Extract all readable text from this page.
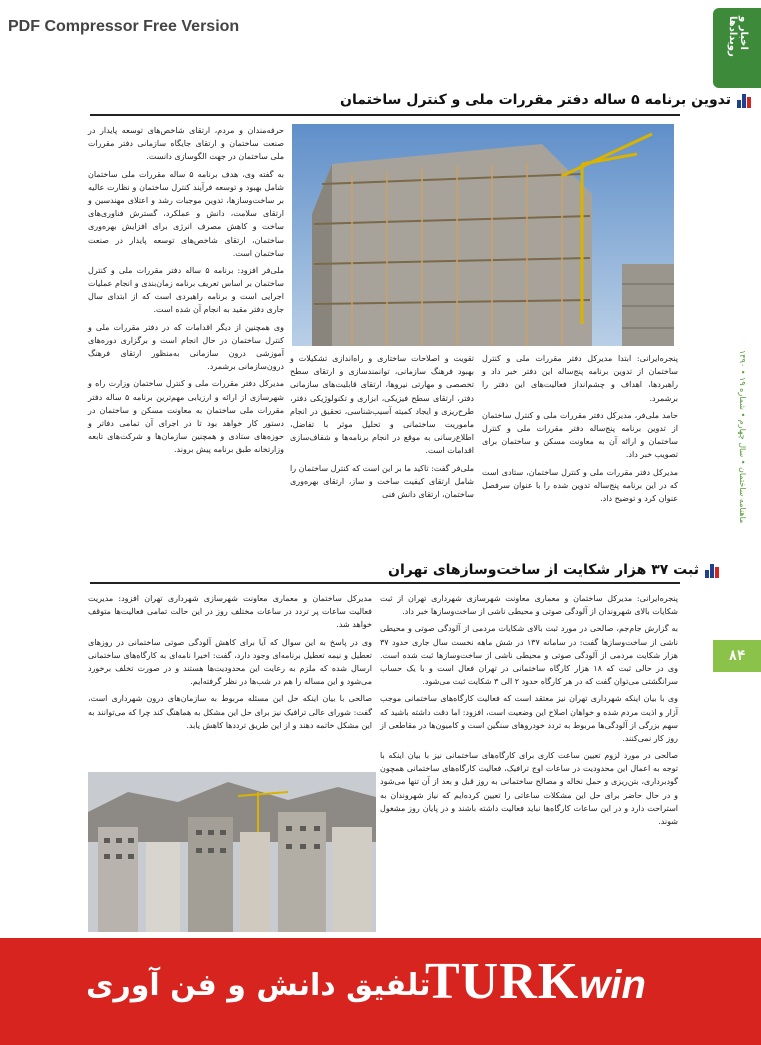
PDF Compressor Free Version	اخبار و رویدادها
ماهنامه ساختمان • سال چهارم • شماره ۱۹ • ۱۳۹۰
۸۴
تدوین برنامه ۵ ساله دفتر مقررات ملی و کنترل ساختمان

پنجره‌ایرانی: ابتدا مدیرکل دفتر مقررات ملی و کنترل ساختمان از تدوین برنامه پنج‌ساله این دفتر خبر داد و راهبردها، اهداف و چشم‌انداز فعالیت‌های این دفتر را برشمرد.

حامد ملی‌فر، مدیرکل دفتر مقررات ملی و کنترل ساختمان از تدوین برنامه پنج‌ساله دفتر مقررات ملی و کنترل ساختمان و ارائه آن به معاونت مسکن و ساختمان برای تصویب خبر داد.

مدیرکل دفتر مقررات ملی و کنترل ساختمان، ستادی است که در این برنامه پنج‌ساله تدوین شده را با عنوان سرفصل عنوان کرد و توضیح داد.

تقویت و اصلاحات ساختاری و راه‌اندازی تشکیلات و بهبود فرهنگ سازمانی، توانمندسازی و ارتقای سطح تخصصی و مهارتی نیروها، ارتقای قابلیت‌های سازمانی دفتر، ارتقای سطح فیزیکی، ابزاری و تکنولوژیکی دفتر، طرح‌ریزی و ایجاد کمیته آسیب‌شناسی، تحقیق در انجام ماموریت ساختمانی و تحلیل موثر با تفاضل، اطلاع‌رسانی به موقع در انجام برنامه‌ها و شفاف‌سازی اقدامات است.

ملی‌فر گفت: تاکید ما بر این است که کنترل ساختمان را شامل ارتقای کیفیت ساخت و ساز، ارتقای بهره‌وری ساختمان، ارتقای دانش فنی

حرفه‌مندان و مردم، ارتقای شاخص‌های توسعه پایدار در صنعت ساختمان و ارتقای جایگاه سازمانی دفتر مقررات ملی ساختمان در جهت الگوسازی دانست.

به گفته وی، هدف برنامه ۵ ساله مقررات ملی ساختمان شامل بهبود و توسعه فرآیند کنترل ساختمان و نظارت عالیه بر ساخت‌وسازها، تدوین موجبات رشد و اعتلای مهندسین و ارتقای سلامت، دانش و عملکرد، گسترش فناوری‌های ساخت و کاهش مصرف انرژی برای افزایش بهره‌وری ساختمان، ارتقای شاخص‌های توسعه پایدار در صنعت ساختمان است.

ملی‌فر افزود: برنامه ۵ ساله دفتر مقررات ملی و کنترل ساختمان بر اساس تعریف برنامه زمان‌بندی و انجام عملیات اجرایی است و برنامه راهبردی است که از ابتدای سال جاری دفتر مقید به انجام آن شده است.

وی همچنین از دیگر اقدامات که در دفتر مقررات ملی و کنترل ساختمان در حال انجام است و برگزاری دوره‌های آموزشی درون سازمانی به‌منظور ارتقای فرهنگ درون‌سازمانی برشمرد.

مدیرکل دفتر مقررات ملی و کنترل ساختمان وزارت راه و شهرسازی از ارائه و ارزیابی مهم‌ترین برنامه ۵ ساله دفتر مقررات ملی ساختمان به معاونت مسکن و ساختمان در دستور کار خواهد بود تا در اجرای آن تمامی دفاتر و حوزه‌های ستادی و همچنین سازمان‌ها و شرکت‌های تابعه وزارتخانه طبق برنامه پیش بروند.

ثبت ۳۷ هزار شکایت از ساخت‌وسازهای تهران

پنجره‌ایرانی: مدیرکل ساختمان و معماری معاونت شهرسازی شهرداری تهران از ثبت شکایات بالای شهروندان از آلودگی صوتی و محیطی ناشی از ساخت‌وسازها خبر داد.

به گزارش جام‌جم، صالحی در مورد ثبت بالای شکایات مردمی از آلودگی صوتی و محیطی ناشی از ساخت‌وسازها گفت: در سامانه ۱۳۷ در شش ماهه نخست سال جاری حدود ۳۷ هزار شکایت مردمی از آلودگی صوتی و محیطی ناشی از ساخت‌وسازها ثبت شده است. وی در حالی ثبت که ۱۸ هزار کارگاه ساختمانی در تهران فعال است و با یک حساب سرانگشتی می‌توان گفت که در هر کارگاه حدود ۲ الی ۳ شکایت ثبت می‌شود.

وی با بیان اینکه شهرداری تهران نیز معتقد است که فعالیت کارگاه‌های ساختمانی موجب آزار و اذیت مردم شده و خواهان اصلاح این وضعیت است، افزود: اما دقت داشته باشید که سهم بزرگی از آلودگی‌ها مربوط به تردد خودروهای سنگین است و کامیون‌ها در مقاطعی از روز کار نمی‌کنند.

صالحی در مورد لزوم تعیین ساعت کاری برای کارگاه‌های ساختمانی نیز با بیان اینکه با توجه به اعمال این محدودیت در ساعات اوج ترافیک، فعالیت کارگاه‌های ساختمانی همچون گودبرداری، بتن‌ریزی و حمل نخاله و مصالح ساختمانی به روز قبل و بعد از آن تنها می‌شود و در حال حاضر برای حل این مشکلات ساعاتی را تعیین کرده‌ایم که نیاز شهروندان به استراحت دارد و در این ساعات کارگاه‌ها نباید فعالیت داشته باشند و در پایان روز مشغول شوند.

مدیرکل ساختمان و معماری معاونت شهرسازی شهرداری تهران افزود: مدیریت فعالیت ساعات پر تردد در ساعات مختلف روز در این حالت تمامی فعالیت‌ها متوقف خواهد شد.

وی در پاسخ به این سوال که آیا برای کاهش آلودگی صوتی ساختمانی در روزهای تعطیل و نیمه تعطیل برنامه‌ای وجود دارد، گفت: اخیرا نامه‌ای به کارگاه‌های ساختمانی ارسال شده که ملزم به رعایت این محدودیت‌ها هستند و در صورت تخلف برخورد می‌شود و این مساله را هم در شب‌ها در نظر گرفته‌ایم.

صالحی با بیان اینکه حل این مسئله مربوط به سازمان‌های درون شهرداری است، گفت: شورای عالی ترافیک نیز برای حل این مشکل به هماهنگ کند چرا که می‌توانند به این مشکل خاتمه دهند و از این طریق ترددها کاهش یابد.

تلفیق دانش و فن آوری
TURKwin
